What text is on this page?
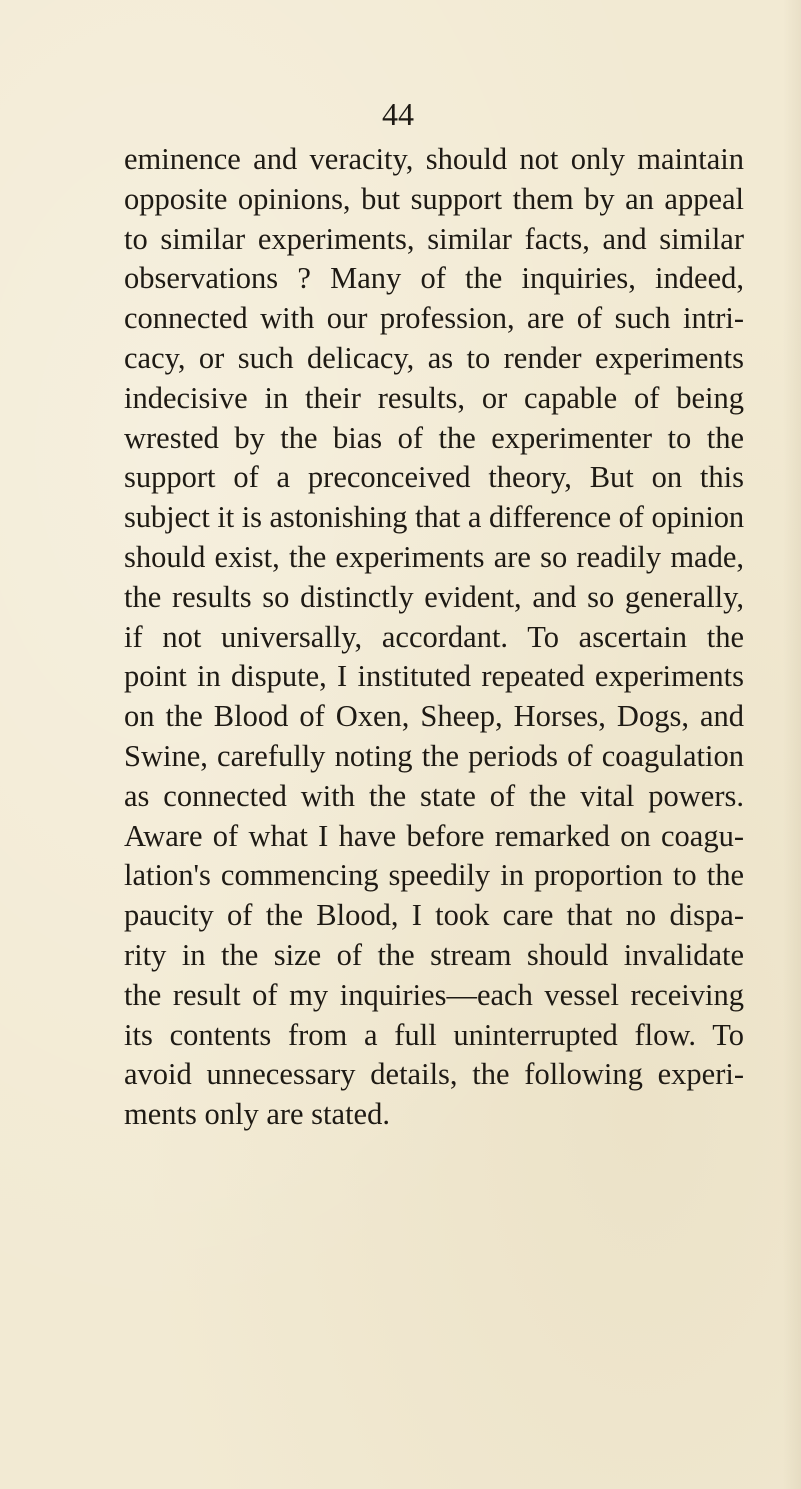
44
eminence and veracity, should not only maintain
opposite opinions, but support them by an appeal
to similar experiments, similar facts, and similar
observations ? Many of the inquiries, indeed,
connected with our profession, are of such intri-
cacy, or such delicacy, as to render experiments
indecisive in their results, or capable of being
wrested by the bias of the experimenter to the
support of a preconceived theory, But on this
subject it is astonishing that a difference of opinion
should exist, the experiments are so readily made,
the results so distinctly evident, and so generally,
if not universally, accordant. To ascertain the
point in dispute, I instituted repeated experiments
on the Blood of Oxen, Sheep, Horses, Dogs, and
Swine, carefully noting the periods of coagulation
as connected with the state of the vital powers.
Aware of what I have before remarked on coagu-
lation's commencing speedily in proportion to the
paucity of the Blood, I took care that no dispa-
rity in the size of the stream should invalidate
the result of my inquiries—each vessel receiving
its contents from a full uninterrupted flow. To
avoid unnecessary details, the following experi-
ments only are stated.
